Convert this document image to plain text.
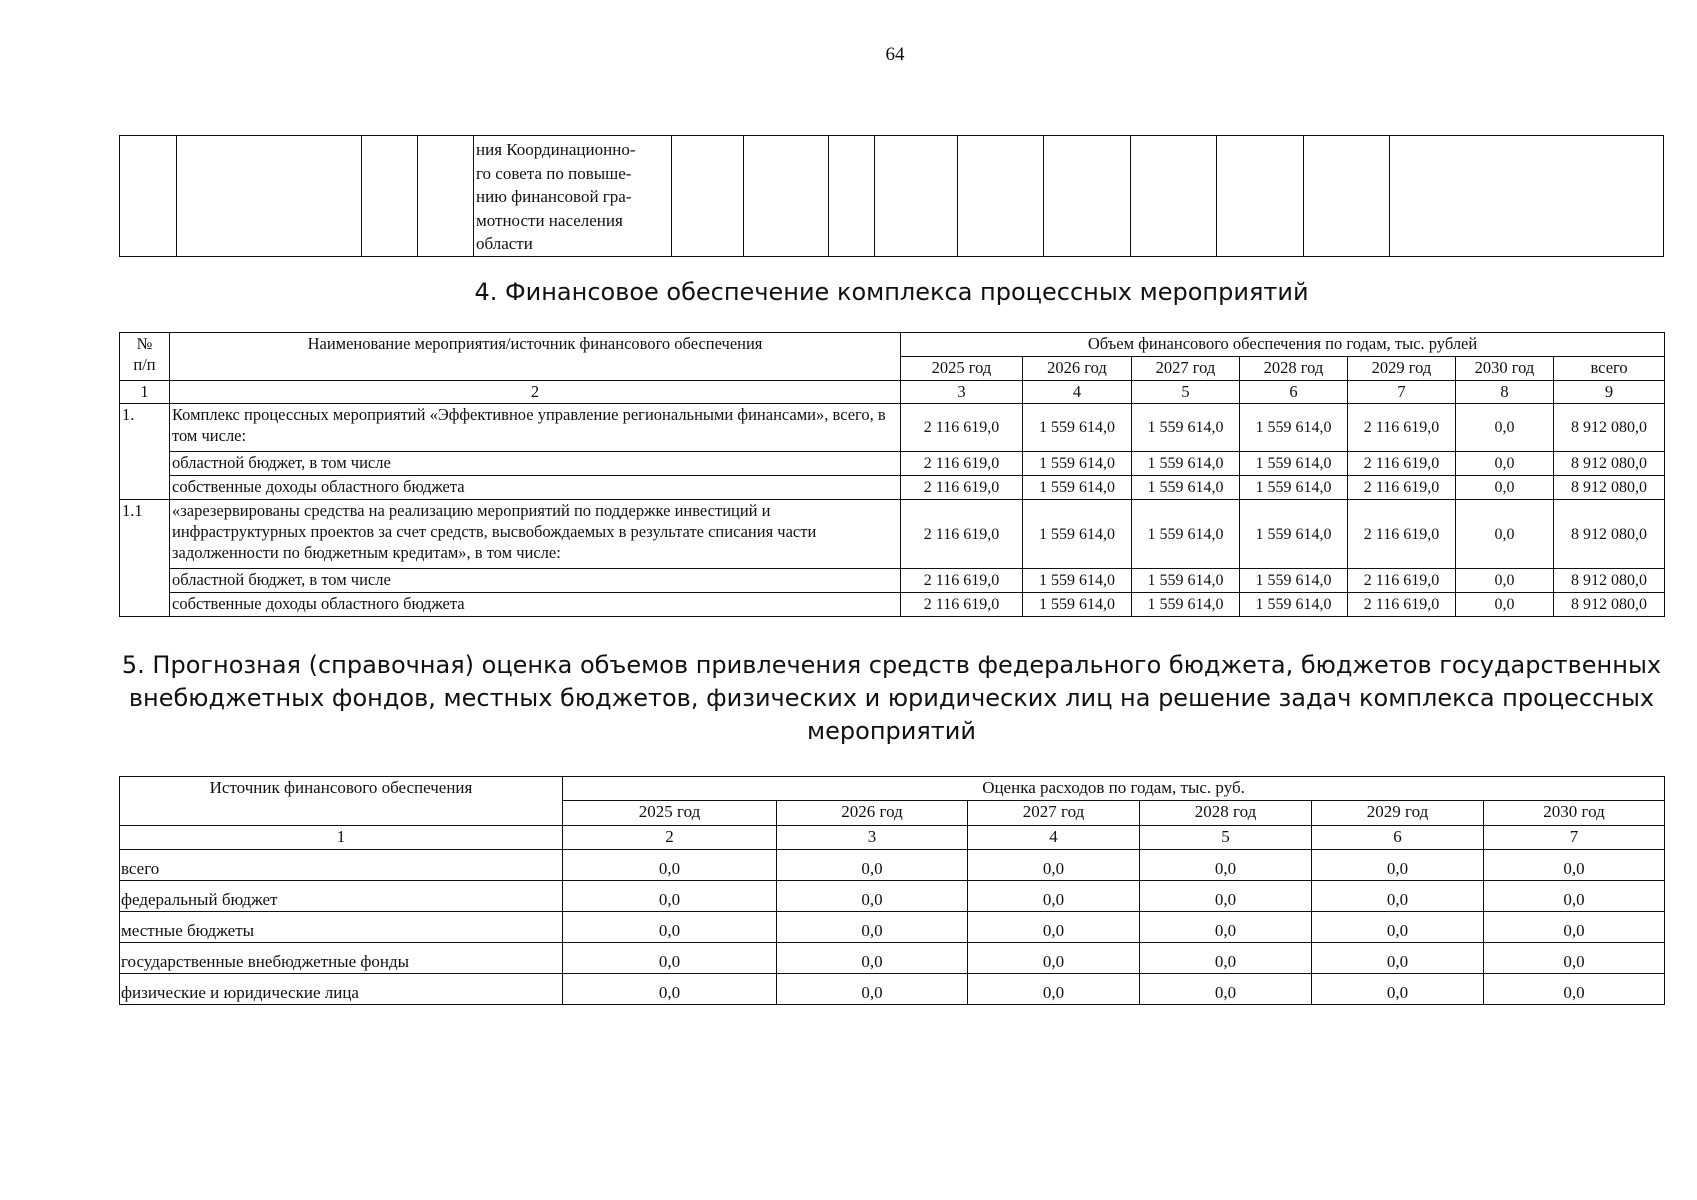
64

ния Координационно-
го совета по повыше-
нию финансовой гра-
мотности населения
области

4. Финансовое обеспечение комплекса процессных мероприятий
№
п/п	Наименование мероприятия/источник финансового обеспечения	Объем финансового обеспечения по годам, тыс. рублей						
		2025 год	2026 год	2027 год	2028 год	2029 год	2030 год	всего
1	2	3	4	5	6	7	8	9
1.	Комплекс процессных мероприятий «Эффективное управление региональными финансами», всего, в том числе:	2 116 619,0	1 559 614,0	1 559 614,0	1 559 614,0	2 116 619,0	0,0	8 912 080,0
	областной бюджет, в том числе	2 116 619,0	1 559 614,0	1 559 614,0	1 559 614,0	2 116 619,0	0,0	8 912 080,0
	собственные доходы областного бюджета	2 116 619,0	1 559 614,0	1 559 614,0	1 559 614,0	2 116 619,0	0,0	8 912 080,0
1.1	«зарезервированы средства на реализацию мероприятий по поддержке инвестиций и инфраструктурных проектов за счет средств, высвобождаемых в результате списания части задолженности по бюджетным кредитам», в том числе:	2 116 619,0	1 559 614,0	1 559 614,0	1 559 614,0	2 116 619,0	0,0	8 912 080,0
	областной бюджет, в том числе	2 116 619,0	1 559 614,0	1 559 614,0	1 559 614,0	2 116 619,0	0,0	8 912 080,0
	собственные доходы областного бюджета	2 116 619,0	1 559 614,0	1 559 614,0	1 559 614,0	2 116 619,0	0,0	8 912 080,0
5. Прогнозная (справочная) оценка объемов привлечения средств федерального бюджета, бюджетов государственных внебюджетных фондов, местных бюджетов, физических и юридических лиц на решение задач комплекса процессных мероприятий
Источник финансового обеспечения	Оценка расходов по годам, тыс. руб.					
	2025 год	2026 год	2027 год	2028 год	2029 год	2030 год
1	2	3	4	5	6	7
всего	0,0	0,0	0,0	0,0	0,0	0,0
федеральный бюджет	0,0	0,0	0,0	0,0	0,0	0,0
местные бюджеты	0,0	0,0	0,0	0,0	0,0	0,0
государственные внебюджетные фонды	0,0	0,0	0,0	0,0	0,0	0,0
физические и юридические лица	0,0	0,0	0,0	0,0	0,0	0,0
